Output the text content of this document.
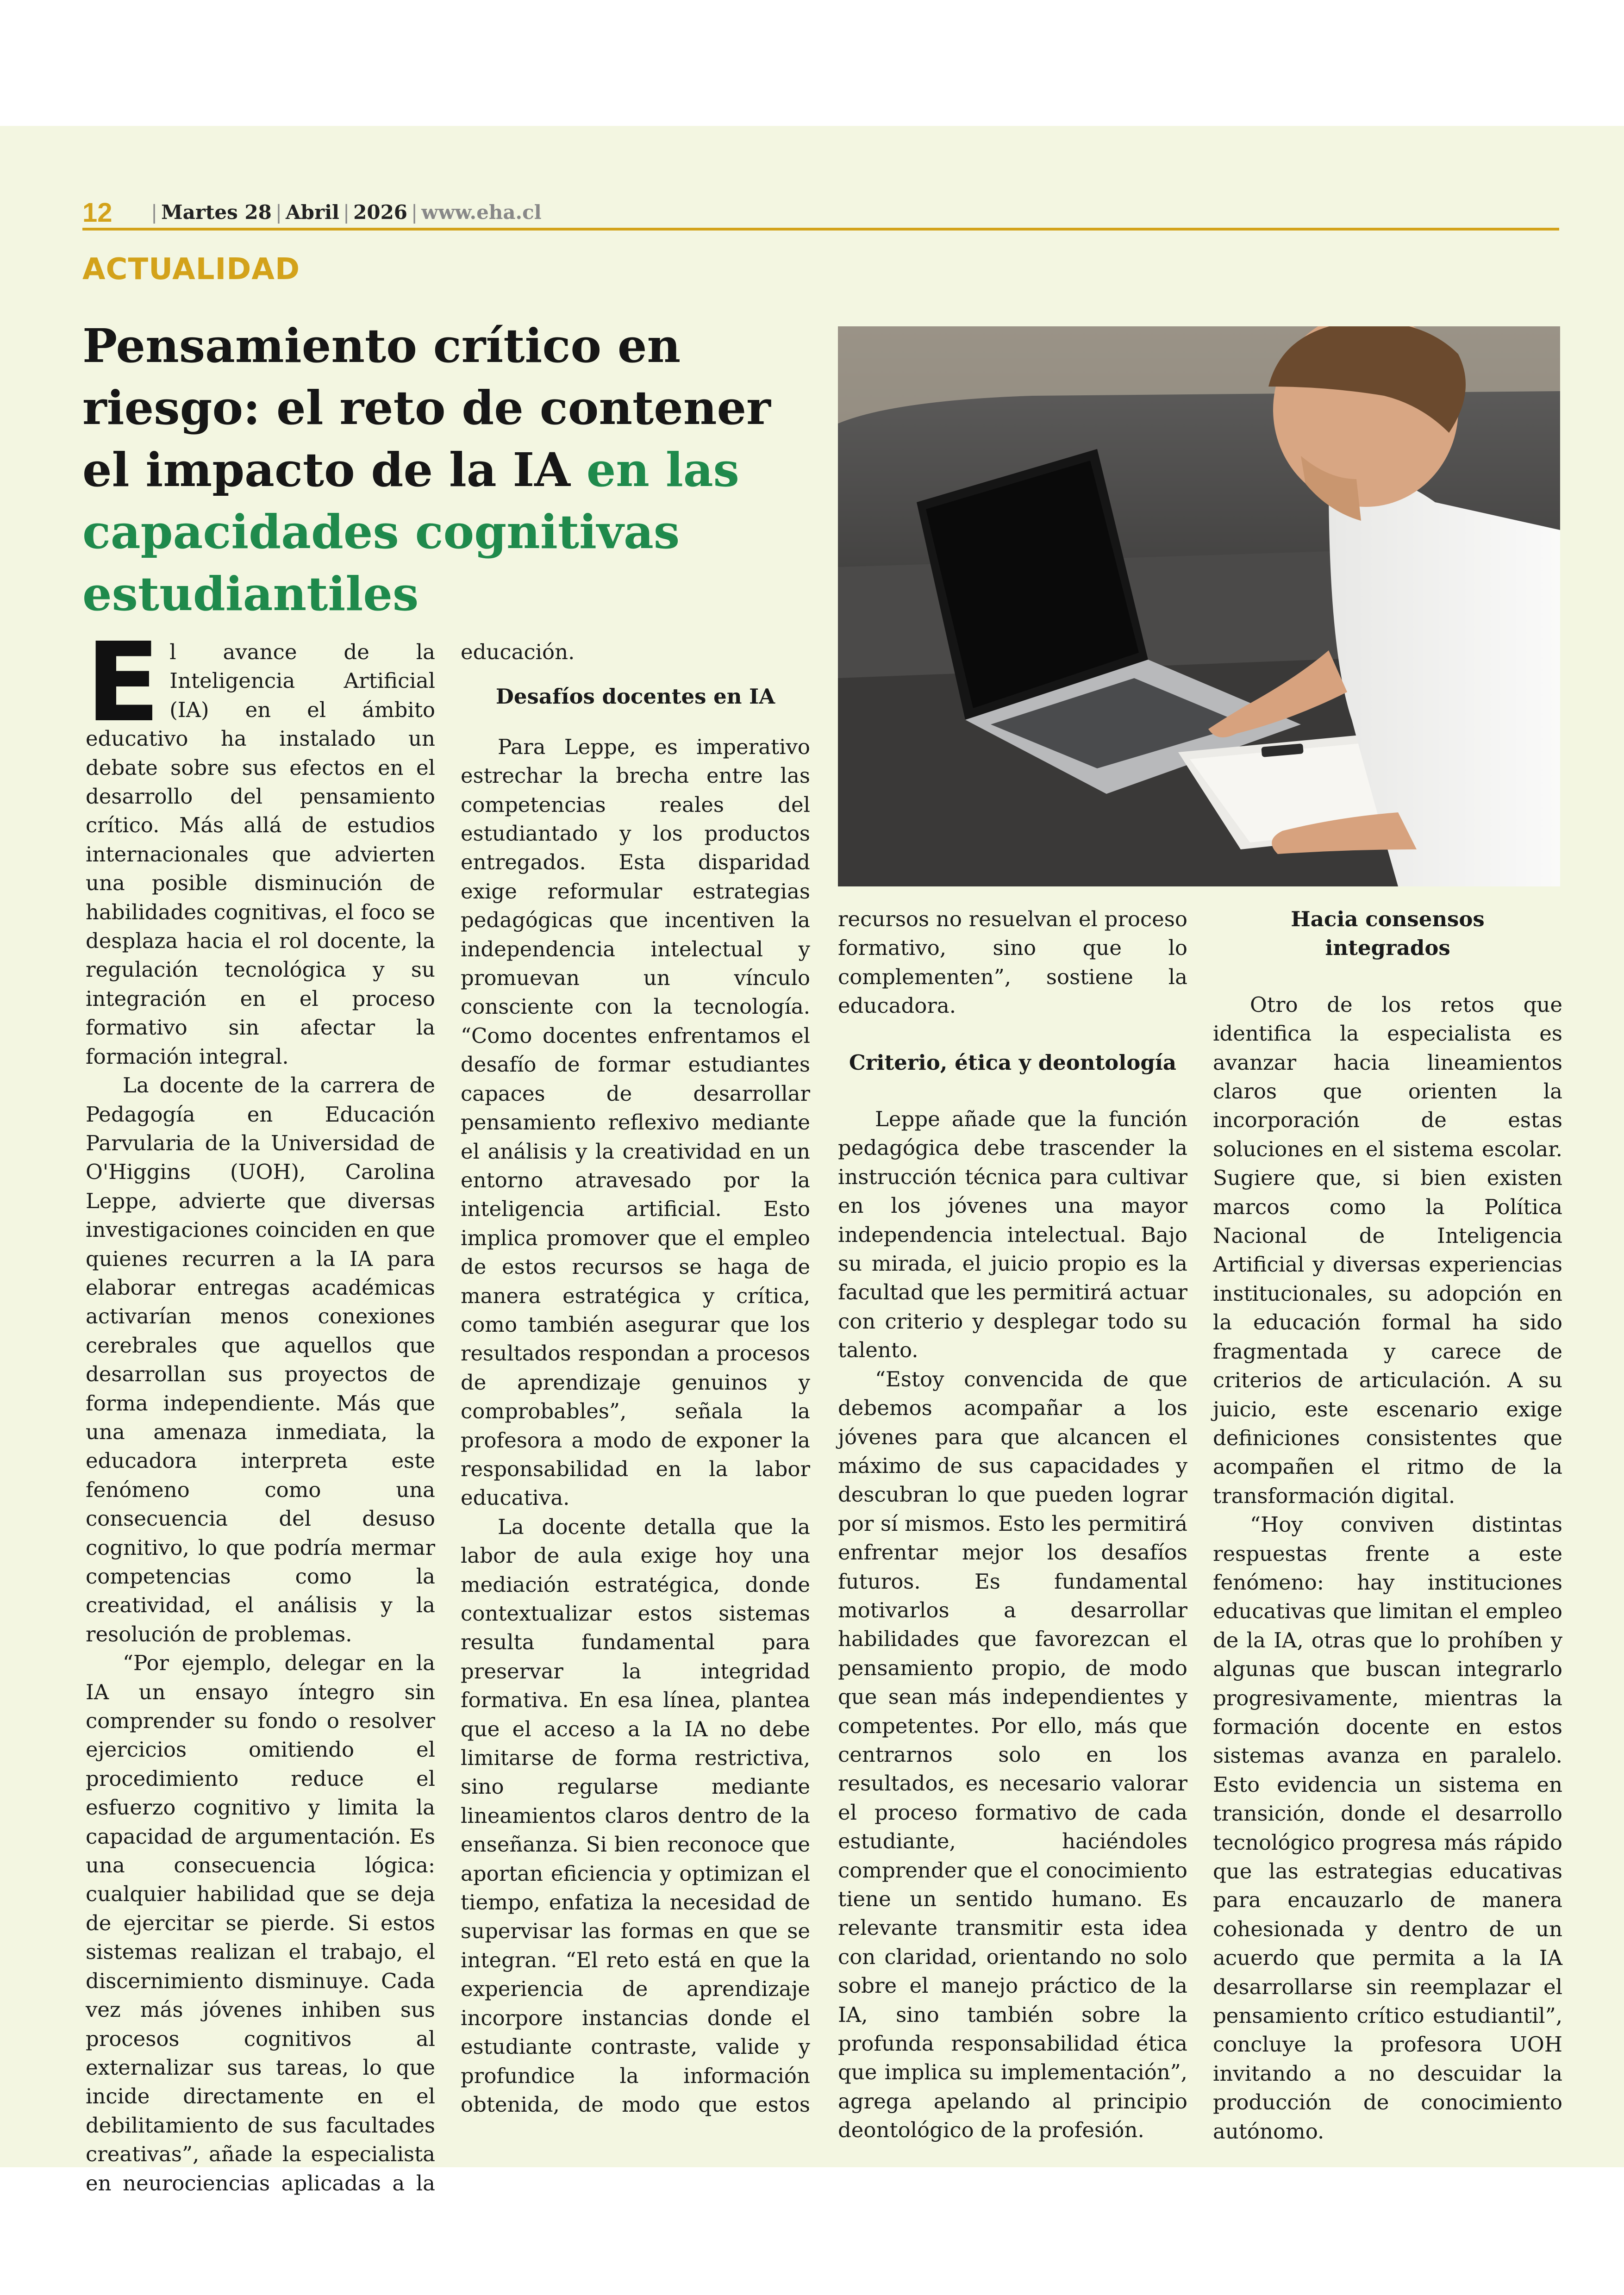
12 | Martes 28 | Abril | 2026 | www.eha.cl
ACTUALIDAD
Pensamiento crítico en riesgo: el reto de contener el impacto de la IA en las capacidades cognitivas estudiantiles

El avance de la Inteligencia Artificial (IA) en el ámbito educativo ha instalado un debate sobre sus efectos en el desarrollo del pensamiento crítico. Más allá de estudios internacionales que advierten una posible disminución de habilidades cognitivas, el foco se desplaza hacia el rol docente, la regulación tecnológica y su integración en el proceso formativo sin afectar la formación integral.

La docente de la carrera de Pedagogía en Educación Parvularia de la Universidad de O'Higgins (UOH), Carolina Leppe, advierte que diversas investigaciones coinciden en que quienes recurren a la IA para elaborar entregas académicas activarían menos conexiones cerebrales que aquellos que desarrollan sus proyectos de forma independiente. Más que una amenaza inmediata, la educadora interpreta este fenómeno como una consecuencia del desuso cognitivo, lo que podría mermar competencias como la creatividad, el análisis y la resolución de problemas.

“Por ejemplo, delegar en la IA un ensayo íntegro sin comprender su fondo o resolver ejercicios omitiendo el procedimiento reduce el esfuerzo cognitivo y limita la capacidad de argumentación. Es una consecuencia lógica: cualquier habilidad que se deja de ejercitar se pierde. Si estos sistemas realizan el trabajo, el discernimiento disminuye. Cada vez más jóvenes inhiben sus procesos cognitivos al externalizar sus tareas, lo que incide directamente en el debilitamiento de sus facultades creativas”, añade la especialista en neurociencias aplicadas a la

educación.

Desafíos docentes en IA

Para Leppe, es imperativo estrechar la brecha entre las competencias reales del estudiantado y los productos entregados. Esta disparidad exige reformular estrategias pedagógicas que incentiven la independencia intelectual y promuevan un vínculo consciente con la tecnología. “Como docentes enfrentamos el desafío de formar estudiantes capaces de desarrollar pensamiento reflexivo mediante el análisis y la creatividad en un entorno atravesado por la inteligencia artificial. Esto implica promover que el empleo de estos recursos se haga de manera estratégica y crítica, como también asegurar que los resultados respondan a procesos de aprendizaje genuinos y comprobables”, señala la profesora a modo de exponer la responsabilidad en la labor educativa.

La docente detalla que la labor de aula exige hoy una mediación estratégica, donde contextualizar estos sistemas resulta fundamental para preservar la integridad formativa. En esa línea, plantea que el acceso a la IA no debe limitarse de forma restrictiva, sino regularse mediante lineamientos claros dentro de la enseñanza. Si bien reconoce que aportan eficiencia y optimizan el tiempo, enfatiza la necesidad de supervisar las formas en que se integran. “El reto está en que la experiencia de aprendizaje incorpore instancias donde el estudiante contraste, valide y profundice la información obtenida, de modo que estos

recursos no resuelvan el proceso formativo, sino que lo complementen”, sostiene la educadora.

Criterio, ética y deontología

Leppe añade que la función pedagógica debe trascender la instrucción técnica para cultivar en los jóvenes una mayor independencia intelectual. Bajo su mirada, el juicio propio es la facultad que les permitirá actuar con criterio y desplegar todo su talento.

“Estoy convencida de que debemos acompañar a los jóvenes para que alcancen el máximo de sus capacidades y descubran lo que pueden lograr por sí mismos. Esto les permitirá enfrentar mejor los desafíos futuros. Es fundamental motivarlos a desarrollar habilidades que favorezcan el pensamiento propio, de modo que sean más independientes y competentes. Por ello, más que centrarnos solo en los resultados, es necesario valorar el proceso formativo de cada estudiante, haciéndoles comprender que el conocimiento tiene un sentido humano. Es relevante transmitir esta idea con claridad, orientando no solo sobre el manejo práctico de la IA, sino también sobre la profunda responsabilidad ética que implica su implementación”, agrega apelando al principio deontológico de la profesión.

Hacia consensos integrados

Otro de los retos que identifica la especialista es avanzar hacia lineamientos claros que orienten la incorporación de estas soluciones en el sistema escolar. Sugiere que, si bien existen marcos como la Política Nacional de Inteligencia Artificial y diversas experiencias institucionales, su adopción en la educación formal ha sido fragmentada y carece de criterios de articulación. A su juicio, este escenario exige definiciones consistentes que acompañen el ritmo de la transformación digital.

“Hoy conviven distintas respuestas frente a este fenómeno: hay instituciones educativas que limitan el empleo de la IA, otras que lo prohíben y algunas que buscan integrarlo progresivamente, mientras la formación docente en estos sistemas avanza en paralelo. Esto evidencia un sistema en transición, donde el desarrollo tecnológico progresa más rápido que las estrategias educativas para encauzarlo de manera cohesionada y dentro de un acuerdo que permita a la IA desarrollarse sin reemplazar el pensamiento crítico estudiantil”, concluye la profesora UOH invitando a no descuidar la producción de conocimiento autónomo.
